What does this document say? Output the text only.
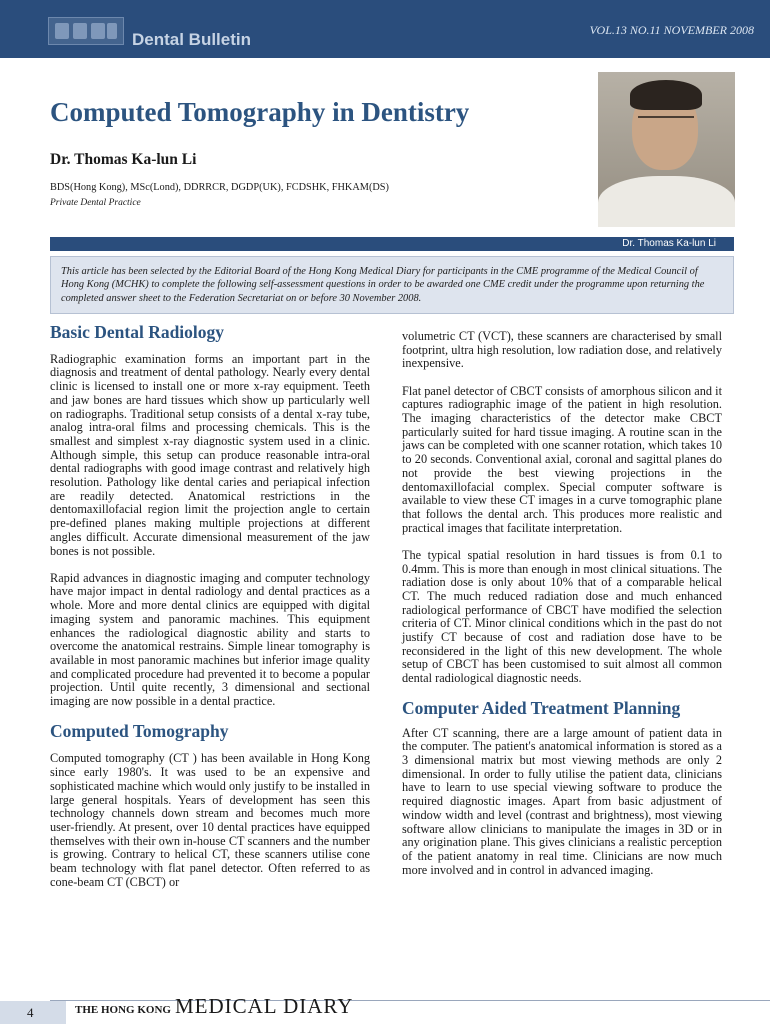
Dental Bulletin	VOL.13 NO.11 NOVEMBER 2008
Computed Tomography in Dentistry
Dr. Thomas Ka-lun Li
BDS(Hong Kong), MSc(Lond), DDRRCR, DGDP(UK), FCDSHK, FHKAM(DS)
Private Dental Practice
Dr. Thomas Ka-lun Li
This article has been selected by the Editorial Board of the Hong Kong Medical Diary for participants in the CME programme of the Medical Council of Hong Kong (MCHK) to complete the following self-assessment questions in order to be awarded one CME credit under the programme upon returning the completed answer sheet to the Federation Secretariat on or before 30 November 2008.
Basic Dental Radiology

Radiographic examination forms an important part in the diagnosis and treatment of dental pathology. Nearly every dental clinic is licensed to install one or more x-ray equipment. Teeth and jaw bones are hard tissues which show up particularly well on radiographs. Traditional setup consists of a dental x-ray tube, analog intra-oral films and processing chemicals. This is the smallest and simplest x-ray diagnostic system used in a clinic. Although simple, this setup can produce reasonable intra-oral dental radiographs with good image contrast and relatively high resolution. Pathology like dental caries and periapical infection are readily detected. Anatomical restrictions in the dentomaxillofacial region limit the projection angle to certain pre-defined planes making multiple projections at different angles difficult. Accurate dimensional measurement of the jaw bones is not possible.

Rapid advances in diagnostic imaging and computer technology have major impact in dental radiology and dental practices as a whole. More and more dental clinics are equipped with digital imaging system and panoramic machines. This equipment enhances the radiological diagnostic ability and starts to overcome the anatomical restrains. Simple linear tomography is available in most panoramic machines but inferior image quality and complicated procedure had prevented it to become a popular projection. Until quite recently, 3 dimensional and sectional imaging are now possible in a dental practice.

Computed Tomography

Computed tomography (CT ) has been available in Hong Kong since early 1980's. It was used to be an expensive and sophisticated machine which would only justify to be installed in large general hospitals. Years of development has seen this technology channels down stream and becomes much more user-friendly. At present, over 10 dental practices have equipped themselves with their own in-house CT scanners and the number is growing. Contrary to helical CT, these scanners utilise cone beam technology with flat panel detector. Often referred to as cone-beam CT (CBCT) or

volumetric CT (VCT), these scanners are characterised by small footprint, ultra high resolution, low radiation dose, and relatively inexpensive.

Flat panel detector of CBCT consists of amorphous silicon and it captures radiographic image of the patient in high resolution. The imaging characteristics of the detector make CBCT particularly suited for hard tissue imaging. A routine scan in the jaws can be completed with one scanner rotation, which takes 10 to 20 seconds. Conventional axial, coronal and sagittal planes do not provide the best viewing projections in the dentomaxillofacial complex. Special computer software is available to view these CT images in a curve tomographic plane that follows the dental arch. This produces more realistic and practical images that facilitate interpretation.

The typical spatial resolution in hard tissues is from 0.1 to 0.4mm. This is more than enough in most clinical situations. The radiation dose is only about 10% that of a comparable helical CT. The much reduced radiation dose and much enhanced radiological performance of CBCT have modified the selection criteria of CT. Minor clinical conditions which in the past do not justify CT because of cost and radiation dose have to be reconsidered in the light of this new development. The whole setup of CBCT has been customised to suit almost all common dental radiological diagnostic needs.

Computer Aided Treatment Planning

After CT scanning, there are a large amount of patient data in the computer. The patient's anatomical information is stored as a 3 dimensional matrix but most viewing methods are only 2 dimensional. In order to fully utilise the patient data, clinicians have to learn to use special viewing software to produce the required diagnostic images. Apart from basic adjustment of window width and level (contrast and brightness), most viewing software allow clinicians to manipulate the images in 3D or in any origination plane. This gives clinicians a realistic perception of the patient anatomy in real time. Clinicians are now much more involved and in control in advanced imaging.

4	THE HONG KONG MEDICAL DIARY
